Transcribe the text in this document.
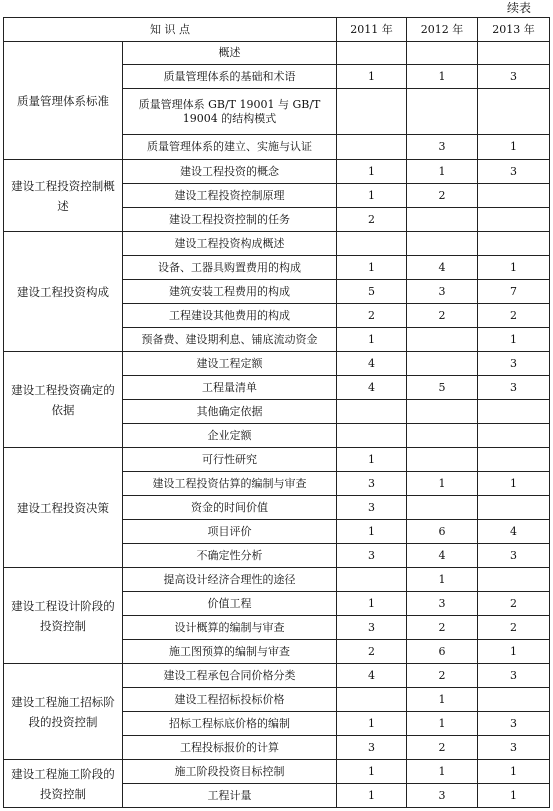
续表
知 识 点		2011 年	2012 年	2013 年
质量管理体系标准	概述			
	质量管理体系的基础和术语	1	1	3
	质量管理体系 GB/T 19001 与 GB/T 19004 的结构模式			
	质量管理体系的建立、实施与认证		3	1
建设工程投资控制概述	建设工程投资的概念	1	1	3
	建设工程投资控制原理	1	2	
	建设工程投资控制的任务	2		
建设工程投资构成	建设工程投资构成概述			
	设备、工器具购置费用的构成	1	4	1
	建筑安装工程费用的构成	5	3	7
	工程建设其他费用的构成	2	2	2
	预备费、建设期利息、铺底流动资金	1		1
建设工程投资确定的依据	建设工程定额	4		3
	工程量清单	4	5	3
	其他确定依据			
	企业定额			
建设工程投资决策	可行性研究	1		
	建设工程投资估算的编制与审查	3	1	1
	资金的时间价值	3		
	项目评价	1	6	4
	不确定性分析	3	4	3
建设工程设计阶段的投资控制	提高设计经济合理性的途径		1	
	价值工程	1	3	2
	设计概算的编制与审查	3	2	2
	施工图预算的编制与审查	2	6	1
建设工程施工招标阶段的投资控制	建设工程承包合同价格分类	4	2	3
	建设工程招标投标价格		1	
	招标工程标底价格的编制	1	1	3
	工程投标报价的计算	3	2	3
建设工程施工阶段的投资控制	施工阶段投资目标控制	1	1	1
	工程计量	1	3	1
